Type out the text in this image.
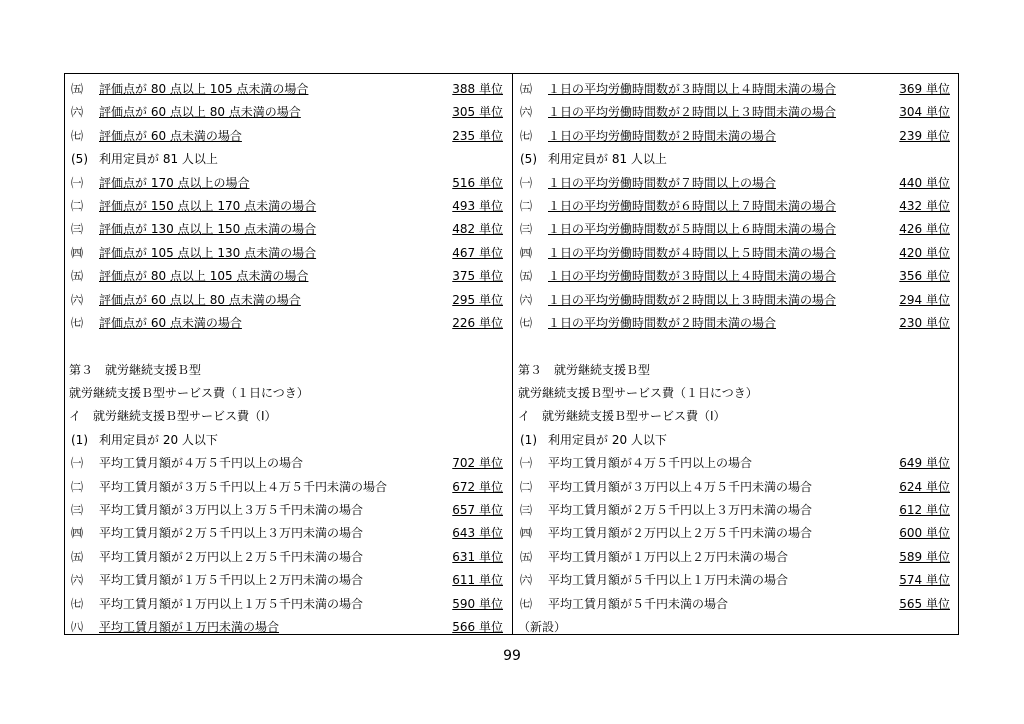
㈤ 評価点が 80 点以上 105 点未満の場合	388 単位
㈥ 評価点が 60 点以上 80 点未満の場合	305 単位
㈦ 評価点が 60 点未満の場合	235 単位
(5) 利用定員が 81 人以上
㈠ 評価点が 170 点以上の場合	516 単位
㈡ 評価点が 150 点以上 170 点未満の場合	493 単位
㈢ 評価点が 130 点以上 150 点未満の場合	482 単位
㈣ 評価点が 105 点以上 130 点未満の場合	467 単位
㈤ 評価点が 80 点以上 105 点未満の場合	375 単位
㈥ 評価点が 60 点以上 80 点未満の場合	295 単位
㈦ 評価点が 60 点未満の場合	226 単位
第３　就労継続支援Ｂ型
就労継続支援Ｂ型サービス費（１日につき）
イ　就労継続支援Ｂ型サービス費（Ⅰ）
(1) 利用定員が 20 人以下
㈠ 平均工賃月額が４万５千円以上の場合	702 単位
㈡ 平均工賃月額が３万５千円以上４万５千円未満の場合	672 単位
㈢ 平均工賃月額が３万円以上３万５千円未満の場合	657 単位
㈣ 平均工賃月額が２万５千円以上３万円未満の場合	643 単位
㈤ 平均工賃月額が２万円以上２万５千円未満の場合	631 単位
㈥ 平均工賃月額が１万５千円以上２万円未満の場合	611 単位
㈦ 平均工賃月額が１万円以上１万５千円未満の場合	590 単位
㈧ 平均工賃月額が１万円未満の場合	566 単位
㈤ １日の平均労働時間数が３時間以上４時間未満の場合	369 単位
㈥ １日の平均労働時間数が２時間以上３時間未満の場合	304 単位
㈦ １日の平均労働時間数が２時間未満の場合	239 単位
(5) 利用定員が 81 人以上
㈠ １日の平均労働時間数が７時間以上の場合	440 単位
㈡ １日の平均労働時間数が６時間以上７時間未満の場合	432 単位
㈢ １日の平均労働時間数が５時間以上６時間未満の場合	426 単位
㈣ １日の平均労働時間数が４時間以上５時間未満の場合	420 単位
㈤ １日の平均労働時間数が３時間以上４時間未満の場合	356 単位
㈥ １日の平均労働時間数が２時間以上３時間未満の場合	294 単位
㈦ １日の平均労働時間数が２時間未満の場合	230 単位
第３　就労継続支援Ｂ型
就労継続支援Ｂ型サービス費（１日につき）
イ　就労継続支援Ｂ型サービス費（Ⅰ）
(1) 利用定員が 20 人以下
㈠ 平均工賃月額が４万５千円以上の場合	649 単位
㈡ 平均工賃月額が３万円以上４万５千円未満の場合	624 単位
㈢ 平均工賃月額が２万５千円以上３万円未満の場合	612 単位
㈣ 平均工賃月額が２万円以上２万５千円未満の場合	600 単位
㈤ 平均工賃月額が１万円以上２万円未満の場合	589 単位
㈥ 平均工賃月額が５千円以上１万円未満の場合	574 単位
㈦ 平均工賃月額が５千円未満の場合	565 単位
（新設）
99
